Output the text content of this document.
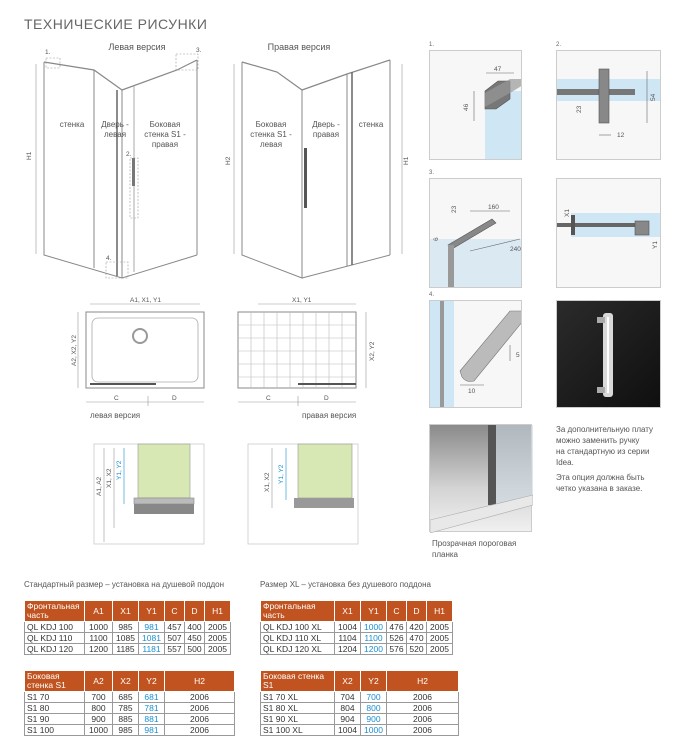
ТЕХНИЧЕСКИЕ РИСУНКИ
H1
1.	3.
2.
4.
Левая версия
стенка	Дверь - левая
Боковая стенка S1 - правая
H2	H1
Правая версия
Боковая стенка S1 - левая
Дверь - правая
стенка
A1, X1, Y1
A2, X2, Y2
C	D
левая версия
X1, Y1
X2, Y2
C	D
правая версия
A1, A2 X1, X2 Y1, Y2
X1, X2 Y1, Y2
1.
47
46
2.
54
23
12
3.
160
23
6
240
X1
Y1
4.
5
10
За дополнительную плату
можно заменить ручку
на стандартную из серии
Idea.
Эта опция должна быть
четко указана в заказе.
Прозрачная пороговая
планка
Стандартный размер – установка на душевой поддон	Размер XL – установка без душевого поддона
Фронтальная часть	A1	X1	Y1	C	D	H1
QL KDJ 100	1000	985	981	457	400	2005
QL KDJ 110	1100	1085	1081	507	450	2005
QL KDJ 120	1200	1185	1181	557	500	2005
Фронтальная часть	X1	Y1	C	D	H1
QL KDJ 100 XL	1004	1000	476	420	2005
QL KDJ 110 XL	1104	1100	526	470	2005
QL KDJ 120 XL	1204	1200	576	520	2005
Боковая стенка S1	A2	X2	Y2	H2
S1 70	700	685	681	2006
S1 80	800	785	781	2006
S1 90	900	885	881	2006
S1 100	1000	985	981	2006
Боковая стенка S1	X2	Y2	H2
S1 70 XL	704	700	2006
S1 80 XL	804	800	2006
S1 90 XL	904	900	2006
S1 100 XL	1004	1000	2006
